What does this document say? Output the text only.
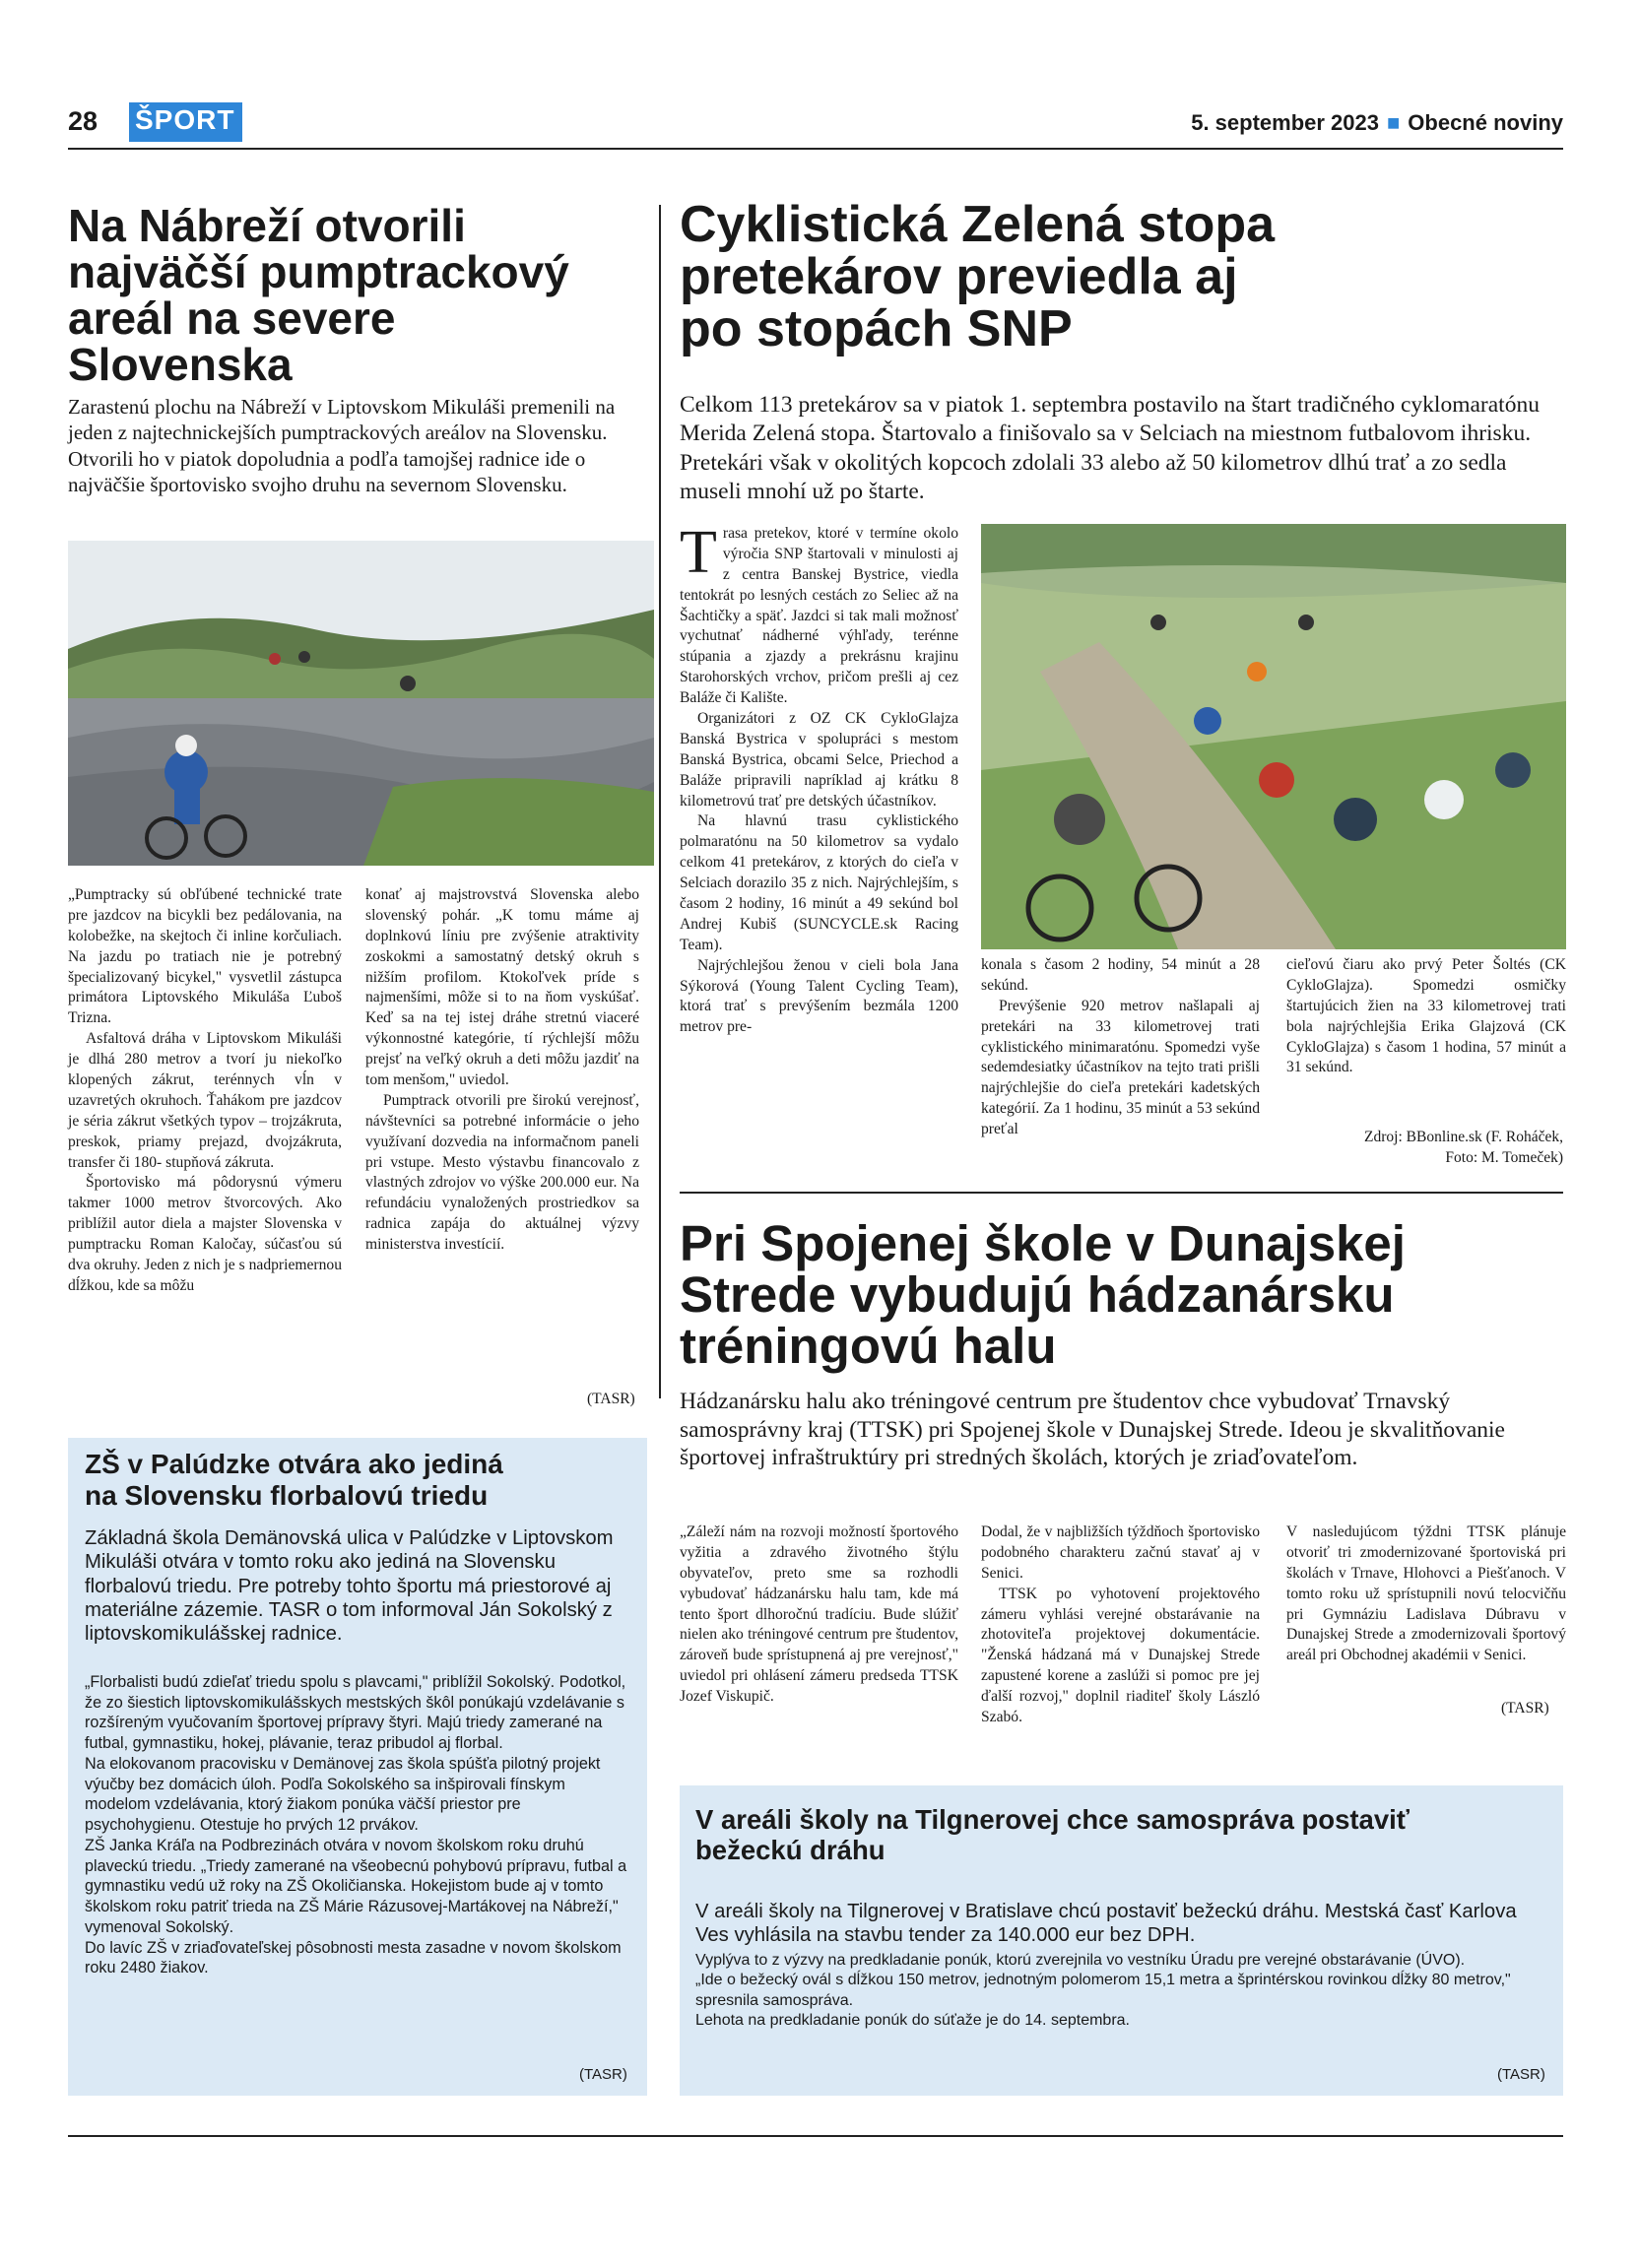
28 ŠPORT	5. september 2023 ■ Obecné noviny
Na Nábreží otvorili
najväčší pumptrackový
areál na severe
Slovenska

Zarastenú plochu na Nábreží v Liptovskom Mikuláši premenili na jeden z najtechnickejších pumptrackových areálov na Slovensku. Otvorili ho v piatok dopoludnia a podľa tamojšej radnice ide o najväčšie športovisko svojho druhu na severnom Slovensku.

„Pumptracky sú obľúbené technické trate pre jazdcov na bicykli bez pedálovania, na kolobežke, na skejtoch či inline korčuliach. Na jazdu po tratiach nie je potrebný špecializovaný bicykel," vysvetlil zástupca primátora Liptovského Mikuláša Ľuboš Trizna.

Asfaltová dráha v Liptovskom Mikuláši je dlhá 280 metrov a tvorí ju niekoľko klopených zákrut, terénnych vĺn v uzavretých okruhoch. Ťahákom pre jazdcov je séria zákrut všetkých typov – trojzákruta, preskok, priamy prejazd, dvojzákruta, transfer či 180- stupňová zákruta.

Športovisko má pôdorysnú výmeru takmer 1000 metrov štvorcových. Ako priblížil autor diela a majster Slovenska v pumptracku Roman Kaločay, súčasťou sú dva okruhy. Jeden z nich je s nadpriemernou dĺžkou, kde sa môžu

konať aj majstrovstvá Slovenska alebo slovenský pohár. „K tomu máme aj doplnkovú líniu pre zvýšenie atraktivity zoskokmi a samostatný detský okruh s nižším profilom. Ktokoľvek príde s najmenšími, môže si to na ňom vyskúšať. Keď sa na tej istej dráhe stretnú viaceré výkonnostné kategórie, tí rýchlejší môžu prejsť na veľký okruh a deti môžu jazdiť na tom menšom," uviedol.

Pumptrack otvorili pre širokú verejnosť, návštevníci sa potrebné informácie o jeho využívaní dozvedia na informačnom paneli pri vstupe. Mesto výstavbu financovalo z vlastných zdrojov vo výške 200.000 eur. Na refundáciu vynaložených prostriedkov sa radnica zapája do aktuálnej výzvy ministerstva investícií.

(TASR)
Cyklistická Zelená stopa
pretekárov previedla aj
po stopách SNP

Celkom 113 pretekárov sa v piatok 1. septembra postavilo na štart tradičného cyklomaratónu Merida Zelená stopa. Štartovalo a finišovalo sa v Selciach na miestnom futbalovom ihrisku. Pretekári však v okolitých kopcoch zdolali 33 alebo až 50 kilometrov dlhú trať a zo sedla museli mnohí už po štarte.

Trasa pretekov, ktoré v termíne okolo výročia SNP štartovali v minulosti aj z centra Banskej Bystrice, viedla tentokrát po lesných cestách zo Seliec až na Šachtičky a späť. Jazdci si tak mali možnosť vychutnať nádherné výhľady, terénne stúpania a zjazdy a prekrásnu krajinu Starohorských vrchov, pričom prešli aj cez Baláže či Kalište.

Organizátori z OZ CK CykloGlajza Banská Bystrica v spolupráci s mestom Banská Bystrica, obcami Selce, Priechod a Baláže pripravili napríklad aj krátku 8 kilometrovú trať pre detských účastníkov.

Na hlavnú trasu cyklistického polmaratónu na 50 kilometrov sa vydalo celkom 41 pretekárov, z ktorých do cieľa v Selciach dorazilo 35 z nich. Najrýchlejším, s časom 2 hodiny, 16 minút a 49 sekúnd bol Andrej Kubiš (SUNCYCLE.sk Racing Team).

Najrýchlejšou ženou v cieli bola Jana Sýkorová (Young Talent Cycling Team), ktorá trať s prevýšením bezmála 1200 metrov pre-

konala s časom 2 hodiny, 54 minút a 28 sekúnd.

Prevýšenie 920 metrov našlapali aj pretekári na 33 kilometrovej trati cyklistického minimaratónu. Spomedzi vyše sedemdesiatky účastníkov na tejto trati prišli najrýchlejšie do cieľa pretekári kadetských kategórií. Za 1 hodinu, 35 minút a 53 sekúnd preťal

cieľovú čiaru ako prvý Peter Šoltés (CK CykloGlajza). Spomedzi osmičky štartujúcich žien na 33 kilometrovej trati bola najrýchlejšia Erika Glajzová (CK CykloGlajza) s časom 1 hodina, 57 minút a 31 sekúnd.

Zdroj: BBonline.sk (F. Roháček,
Foto: M. Tomeček)
Pri Spojenej škole v Dunajskej
Strede vybudujú hádzanársku
tréningovú halu

Hádzanársku halu ako tréningové centrum pre študentov chce vybudovať Trnavský samosprávny kraj (TTSK) pri Spojenej škole v Dunajskej Strede. Ideou je skvalitňovanie športovej infraštruktúry pri stredných školách, ktorých je zriaďovateľom.

„Záleží nám na rozvoji možností športového vyžitia a zdravého životného štýlu obyvateľov, preto sme sa rozhodli vybudovať hádzanársku halu tam, kde má tento šport dlhoročnú tradíciu. Bude slúžiť nielen ako tréningové centrum pre študentov, zároveň bude sprístupnená aj pre verejnosť," uviedol pri ohlásení zámeru predseda TTSK Jozef Viskupič.

Dodal, že v najbližších týždňoch športovisko podobného charakteru začnú stavať aj v Senici.

TTSK po vyhotovení projektového zámeru vyhlási verejné obstarávanie na zhotoviteľa projektovej dokumentácie. "Ženská hádzaná má v Dunajskej Strede zapustené korene a zaslúži si pomoc pre jej ďalší rozvoj," doplnil riaditeľ školy László Szabó.

V nasledujúcom týždni TTSK plánuje otvoriť tri zmodernizované športoviská pri školách v Trnave, Hlohovci a Piešťanoch. V tomto roku už sprístupnili novú telocvičňu pri Gymnáziu Ladislava Dúbravu v Dunajskej Strede a zmodernizovali športový areál pri Obchodnej akadémii v Senici.

(TASR)
ZŠ v Palúdzke otvára ako jediná
na Slovensku florbalovú triedu

Základná škola Demänovská ulica v Palúdzke v Liptovskom Mikuláši otvára v tomto roku ako jediná na Slovensku florbalovú triedu. Pre potreby tohto športu má priestorové aj materiálne zázemie. TASR o tom informoval Ján Sokolský z liptovskomikulášskej radnice.

„Florbalisti budú zdieľať triedu spolu s plavcami," priblížil Sokolský. Podotkol, že zo šiestich liptovskomikulášskych mestských škôl ponúkajú vzdelávanie s rozšíreným vyučovaním športovej prípravy štyri. Majú triedy zamerané na futbal, gymnastiku, hokej, plávanie, teraz pribudol aj florbal.

Na elokovanom pracovisku v Demänovej zas škola spúšťa pilotný projekt výučby bez domácich úloh. Podľa Sokolského sa inšpirovali fínskym modelom vzdelávania, ktorý žiakom ponúka väčší priestor pre psychohygienu. Otestuje ho prvých 12 prvákov.

ZŠ Janka Kráľa na Podbrezinách otvára v novom školskom roku druhú plaveckú triedu. „Triedy zamerané na všeobecnú pohybovú prípravu, futbal a gymnastiku vedú už roky na ZŠ Okoličianska. Hokejistom bude aj v tomto školskom roku patriť trieda na ZŠ Márie Rázusovej-Martákovej na Nábreží," vymenoval Sokolský.

Do lavíc ZŠ v zriaďovateľskej pôsobnosti mesta zasadne v novom školskom roku 2480 žiakov.

(TASR)
V areáli školy na Tilgnerovej chce samospráva postaviť
bežeckú dráhu

V areáli školy na Tilgnerovej v Bratislave chcú postaviť bežeckú dráhu. Mestská časť Karlova Ves vyhlásila na stavbu tender za 140.000 eur bez DPH.

Vyplýva to z výzvy na predkladanie ponúk, ktorú zverejnila vo vestníku Úradu pre verejné obstarávanie (ÚVO).

„Ide o bežecký ovál s dĺžkou 150 metrov, jednotným polomerom 15,1 metra a šprintérskou rovinkou dĺžky 80 metrov," spresnila samospráva.

Lehota na predkladanie ponúk do súťaže je do 14. septembra.

(TASR)
